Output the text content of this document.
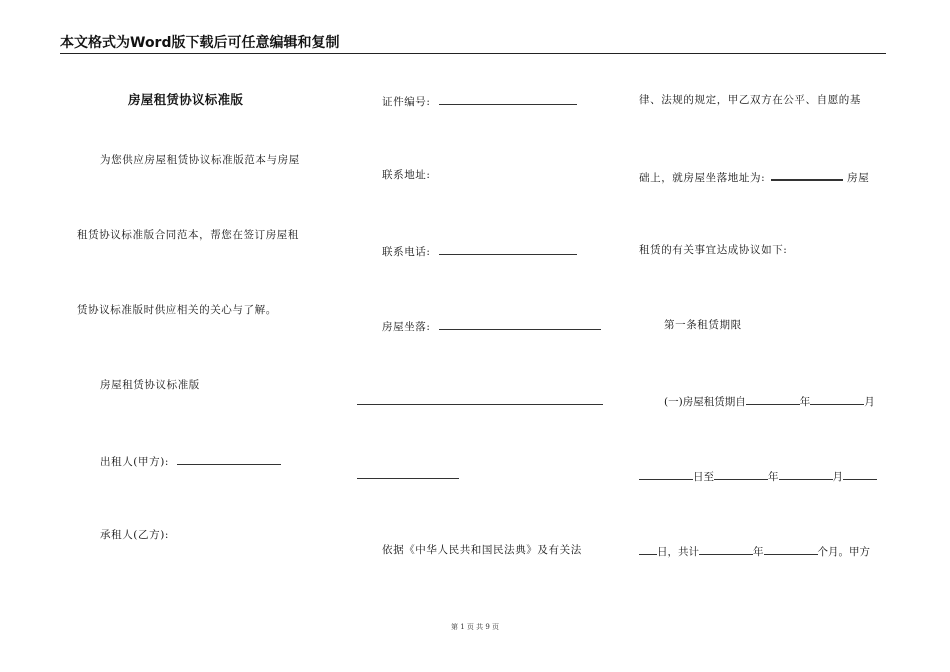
本文格式为Word版下载后可任意编辑和复制
房屋租赁协议标准版
为您供应房屋租赁协议标准版范本与房屋
租赁协议标准版合同范本，帮您在签订房屋租
赁协议标准版时供应相关的关心与了解。
房屋租赁协议标准版
出租人(甲方):
承租人(乙方):
证件编号:
联系地址:
联系电话:
房屋坐落:
依据《中华人民共和国民法典》及有关法
律、法规的规定，甲乙双方在公平、自愿的基
础上，就房屋坐落地址为:	房屋
租赁的有关事宜达成协议如下:
第一条租赁期限
(一)房屋租赁期自	年	月
日至	年	月
日，共计	年	个月。甲方
第 1 页 共 9 页
